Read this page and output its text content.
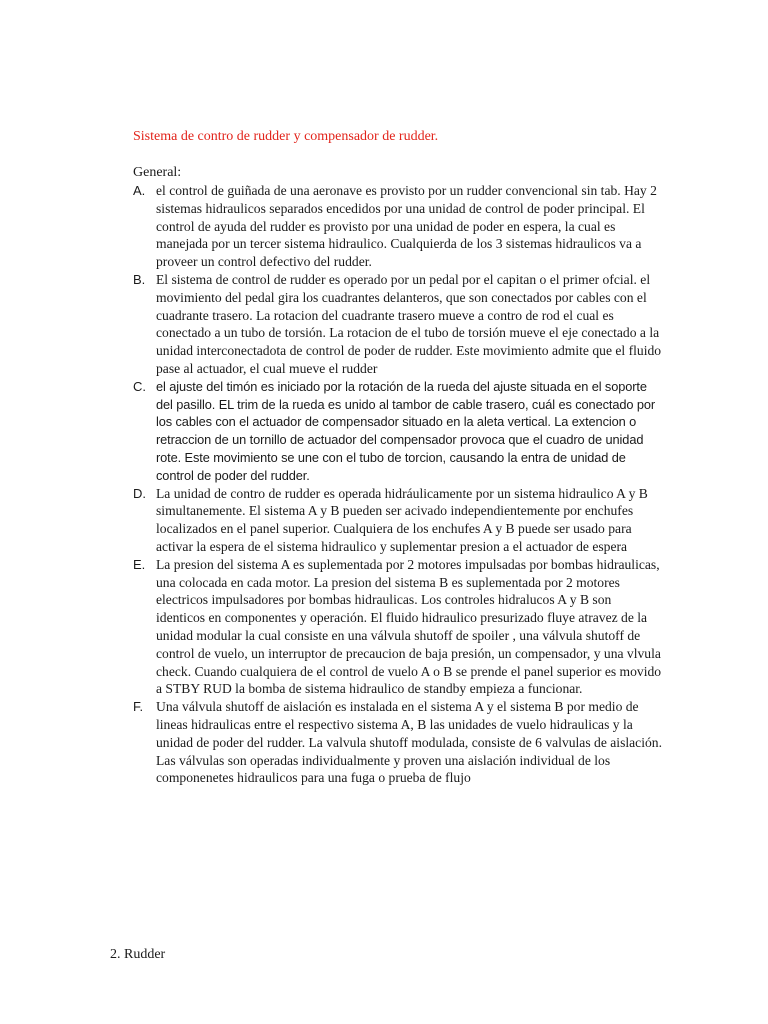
Sistema de contro de rudder y compensador de rudder.
General:
A. el control de guiñada de una aeronave es provisto por un rudder convencional sin tab. Hay 2 sistemas hidraulicos separados encedidos por una unidad de control de poder principal. El control de ayuda del rudder es provisto por una unidad de poder en espera, la cual es manejada por un tercer sistema hidraulico. Cualquierda de los 3 sistemas hidraulicos va a proveer un control defectivo del rudder.
B. El sistema de control de rudder es operado por un pedal por el capitan o el primer ofcial. el movimiento del pedal gira los cuadrantes delanteros, que son conectados por cables con el cuadrante trasero. La rotacion del cuadrante trasero mueve a contro de rod el cual es conectado a un tubo de torsión. La rotacion de el tubo de torsión mueve el eje conectado a la unidad interconectadota de control de poder de rudder. Este movimiento admite que el fluido pase al actuador, el cual mueve el rudder
C. el ajuste del timón es iniciado por la rotación de la rueda del ajuste situada en el soporte del pasillo. EL trim de la rueda es unido al tambor de cable trasero, cuál es conectado por los cables con el actuador de compensador situado en la aleta vertical. La extencion o retraccion de un tornillo de actuador del compensador provoca que el cuadro de unidad rote. Este movimiento se une con el tubo de torcion, causando la entra de unidad de control de poder del rudder.
D. La unidad de contro de rudder es operada hidráulicamente por un sistema hidraulico A y B simultanemente. El sistema A y B pueden ser acivado independientemente por enchufes localizados en el panel superior. Cualquiera de los enchufes A y B puede ser usado para activar la espera de el sistema hidraulico y suplementar presion a el actuador de espera
E. La presion del sistema A es suplementada por 2 motores impulsadas por bombas hidraulicas, una colocada en cada motor. La presion del sistema B es suplementada por 2 motores electricos impulsadores por bombas hidraulicas. Los controles hidralucos A y B son identicos en componentes y operación. El fluido hidraulico presurizado fluye atravez de la unidad modular la cual consiste en una válvula shutoff de spoiler , una válvula shutoff de control de vuelo, un interruptor de precaucion de baja presión, un compensador, y una vlvula check. Cuando cualquiera de el control de vuelo A o B se prende el panel superior es movido a STBY RUD la bomba de sistema hidraulico de standby empieza a funcionar.
F. Una válvula shutoff de aislación es instalada en el sistema A y el sistema B por medio de lineas hidraulicas entre el respectivo sistema A, B las unidades de vuelo hidraulicas y la unidad de poder del rudder. La valvula shutoff modulada, consiste de 6 valvulas de aislación. Las válvulas son operadas individualmente y proven una aislación individual de los componenetes hidraulicos para una fuga o prueba de flujo
2. Rudder
